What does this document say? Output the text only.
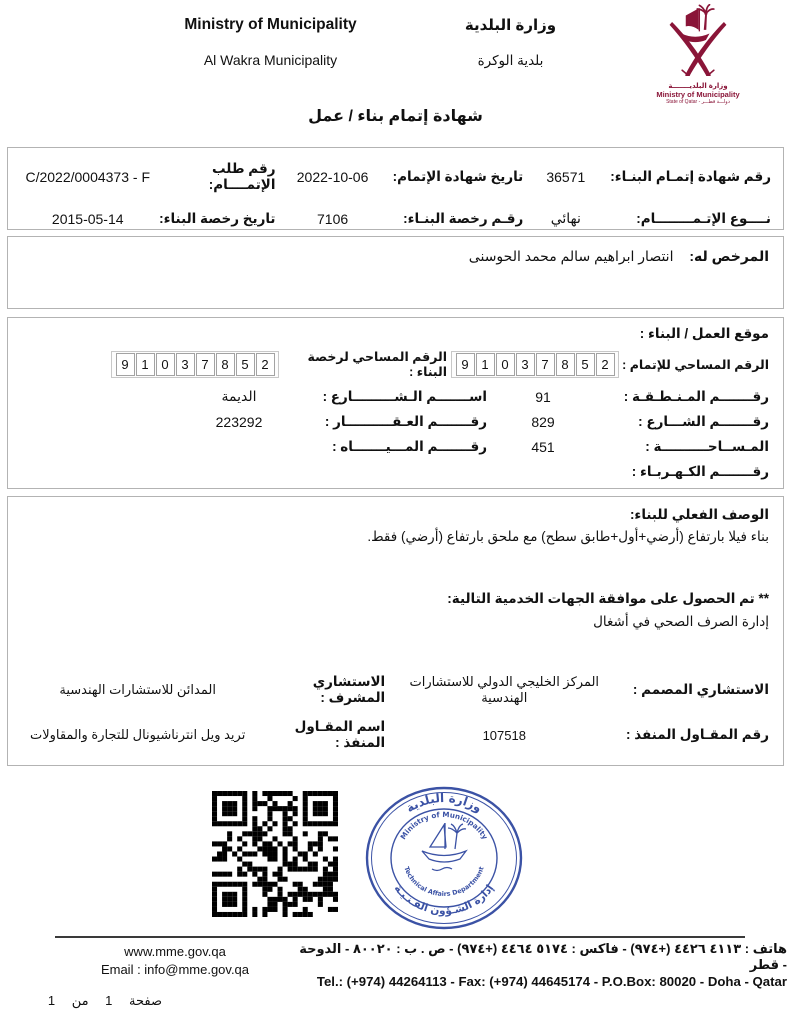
Ministry of Municipality
Al Wakra Municipality
وزارة البلدية
بلدية الوكرة
وزارة البلديـــــــة
Ministry of Municipality
State of Qatar - دولـــة قطـــر
شهادة إتمام بناء / عمل
رقم شهادة إتمـام البنـاء:
36571
تاريخ شهادة الإتمام:
2022-10-06
رقم طلب الإتمــــام:
C/2022/0004373 - F
نــــوع الإتـمــــــــام:
نهائي
رقـم رخصة البنـاء:
7106
تاريخ رخصة البناء:
2015-05-14
المرخص له: انتصار ابراهيم سالم محمد الحوسنى
موقع العمل / البناء :
الرقم المساحي للإتمام :
9 1 0 3 7 8 5 2
الرقم المساحي لرخصة البناء :
9 1 0 3 7 8 5 2
رقـــــــم المـنـطـقـة :
91
اســـــــم الـشـــــــــارع :
الديمة
رقـــــــم الشـــارع :
829
رقـــــــم العـقــــــــــار :
223292
المـســاحــــــــــة :
451
رقـــــــم المـــيـــــــاه :
رقـــــــم الكـهـربـاء :
الوصف الفعلي للبناء:
بناء فيلا بارتفاع (أرضي+أول+طابق سطح) مع ملحق بارتفاع (أرضي) فقط.
** تم الحصول على موافقة الجهات الخدمية التالية:
إدارة الصرف الصحي في أشغال
الاستشاري المصمم :
المركز الخليجي الدولي للاستشارات الهندسية
الاستشاري المشرف :
المدائن للاستشارات الهندسية
رقم المقـاول المنفذ :
107518
اسم المقـاول المنفذ :
تريد ويل انترناشيونال للتجارة والمقاولات
وزارة البلدية
إدارة الشـؤون الفـنـيـة
Ministry of Municipality
Technical Affairs Department
www.mme.gov.qa
Email : info@mme.gov.qa
هاتف : ٤١١٣ ٤٤٢٦ (+٩٧٤) - فاكس : ٥١٧٤ ٤٤٦٤ (+٩٧٤) - ص . ب : ٨٠٠٢٠ - الدوحة - قطر
Tel.: (+974) 44264113 - Fax: (+974) 44645174 - P.O.Box: 80020 - Doha - Qatar
صفحة 1 من 1
